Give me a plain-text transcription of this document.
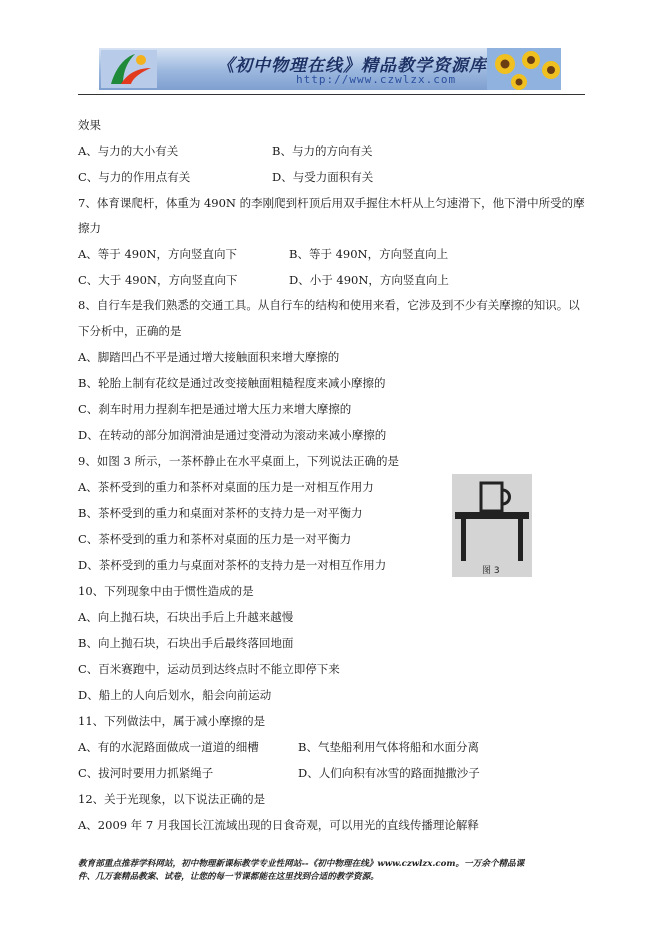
《初中物理在线》精品教学资源库
http://www.czwlzx.com
效果
A、与力的大小有关	B、与力的方向有关
C、与力的作用点有关	D、与受力面积有关
7、体育课爬杆，体重为 490N 的李刚爬到杆顶后用双手握住木杆从上匀速滑下，他下滑中所受的摩
擦力
A、等于 490N，方向竖直向下	B、等于 490N，方向竖直向上
C、大于 490N，方向竖直向下	D、小于 490N，方向竖直向上
8、自行车是我们熟悉的交通工具。从自行车的结构和使用来看，它涉及到不少有关摩擦的知识。以
下分析中，正确的是
A、脚踏凹凸不平是通过增大接触面积来增大摩擦的
B、轮胎上制有花纹是通过改变接触面粗糙程度来减小摩擦的
C、刹车时用力捏刹车把是通过增大压力来增大摩擦的
D、在转动的部分加润滑油是通过变滑动为滚动来减小摩擦的
9、如图 3 所示，一茶杯静止在水平桌面上，下列说法正确的是
A、茶杯受到的重力和茶杯对桌面的压力是一对相互作用力
B、茶杯受到的重力和桌面对茶杯的支持力是一对平衡力
C、茶杯受到的重力和茶杯对桌面的压力是一对平衡力
D、茶杯受到的重力与桌面对茶杯的支持力是一对相互作用力	图 3
10、下列现象中由于惯性造成的是
A、向上抛石块，石块出手后上升越来越慢
B、向上抛石块，石块出手后最终落回地面
C、百米赛跑中，运动员到达终点时不能立即停下来
D、船上的人向后划水，船会向前运动
11、下列做法中，属于减小摩擦的是
A、有的水泥路面做成一道道的细槽	B、气垫船利用气体将船和水面分离
C、拔河时要用力抓紧绳子	D、人们向积有冰雪的路面抛撒沙子
12、关于光现象，以下说法正确的是
A、2009 年 7 月我国长江流域出现的日食奇观，可以用光的直线传播理论解释
教育部重点推荐学科网站，初中物理新课标教学专业性网站--《初中物理在线》www.czwlzx.com。一万余个精品课
件、几万套精品教案、试卷，让您的每一节课都能在这里找到合适的教学资源。
